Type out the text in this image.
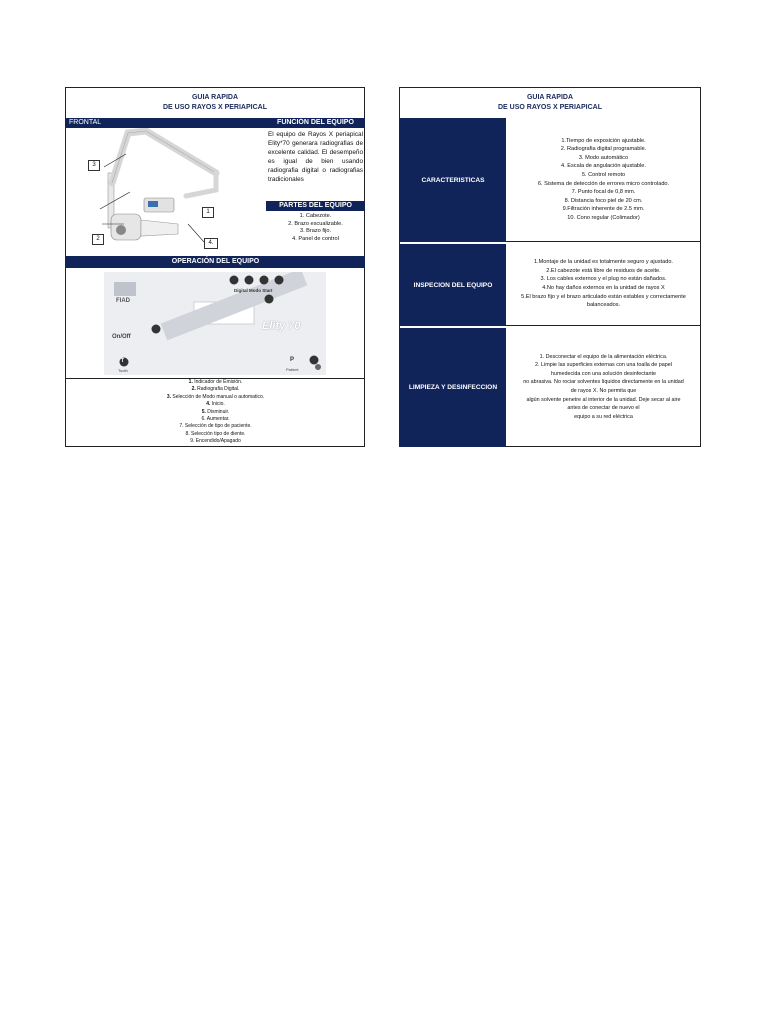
GUIA RAPIDA
DE USO RAYOS X PERIAPICAL
FRONTAL
3
1
2
4.
FUNCIÓN DEL EQUIPO
El equipo de Rayos X periapical Elity*70 generara radiografias de excelente calidad. El desempeño es igual de bien usando radiografia digital o radiografias tradicionales
PARTES DEL EQUIPO
1. Cabezote.
2. Brazo escualizable.
3. Brazo fijo.
4. Panel de control
OPERACIÓN DEL EQUIPO
FIAD
On/Off
Digital Modo Start
Elity 70
T
Tooth
P
Patient
1. Indicador de Emisión.
2. Radiografia Digital.
3. Selección de Modo manual o automatico.
4. Inicio.
5. Disminuir.
6. Aumentar.
7. Selección de tipo de paciente.
8. Selecciòn tipo de diente.
9. Encendido/Apagado
GUIA RAPIDA
DE USO RAYOS X PERIAPICAL
CARACTERISTICAS
1.Tiempo de exposición ajustable.
2. Radiografia digital programable.
3. Modo automático
4. Escala de angulación ajustable.
5. Control remoto
6. Sistema de detección de errores micro controlado.
7. Punto focal de 0,8 mm.
8. Distancia foco piel de 20 cm.
9.Filtración inherente de 2.5 mm.
10. Cono regular (Colimador)
INSPECION DEL EQUIPO
1.Montaje de la unidad es totalmente seguro y ajustado.
2.El cabezote está libre de residuos de aceite.
3. Los cables externos y el plug no están dañados.
4.No hay daños externos en la unidad de rayos X
5.El brazo fijo y el brazo articulado están estables y correctamente
balanceados.
LIMPIEZA Y DESINFECCION
1. Desconectar el equipo de la alimentación eléctrica.
2. Limpie las superficies externas con una toalla de papel
humedecida con una solución desinfectante
no abrasiva. No rociar solventes líquidos directamente en la unidad
de rayos X. No permita que
algún solvente penetre al interior de la unidad. Deje secar al aire
antes de conectar de nuevo el
equipo a su red eléctrica
